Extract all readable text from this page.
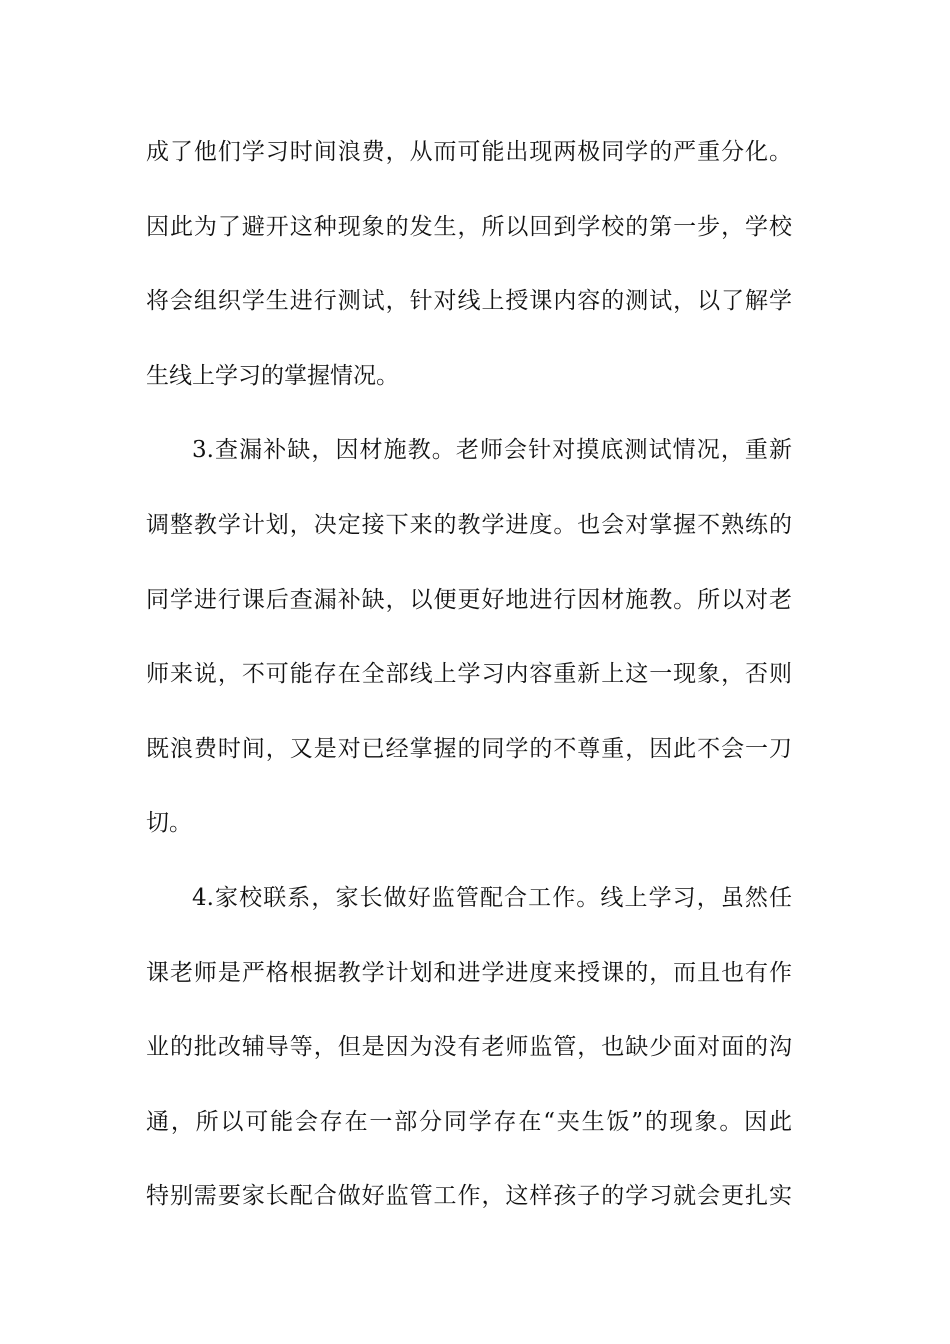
成了他们学习时间浪费，从而可能出现两极同学的严重分化。
因此为了避开这种现象的发生，所以回到学校的第一步，学校
将会组织学生进行测试，针对线上授课内容的测试，以了解学
生线上学习的掌握情况。
3.查漏补缺，因材施教。老师会针对摸底测试情况，重新
调整教学计划，决定接下来的教学进度。也会对掌握不熟练的
同学进行课后查漏补缺，以便更好地进行因材施教。所以对老
师来说，不可能存在全部线上学习内容重新上这一现象，否则
既浪费时间，又是对已经掌握的同学的不尊重，因此不会一刀
切。
4.家校联系，家长做好监管配合工作。线上学习，虽然任
课老师是严格根据教学计划和进学进度来授课的，而且也有作
业的批改辅导等，但是因为没有老师监管，也缺少面对面的沟
通，所以可能会存在一部分同学存在“夹生饭”的现象。因此
特别需要家长配合做好监管工作，这样孩子的学习就会更扎实
